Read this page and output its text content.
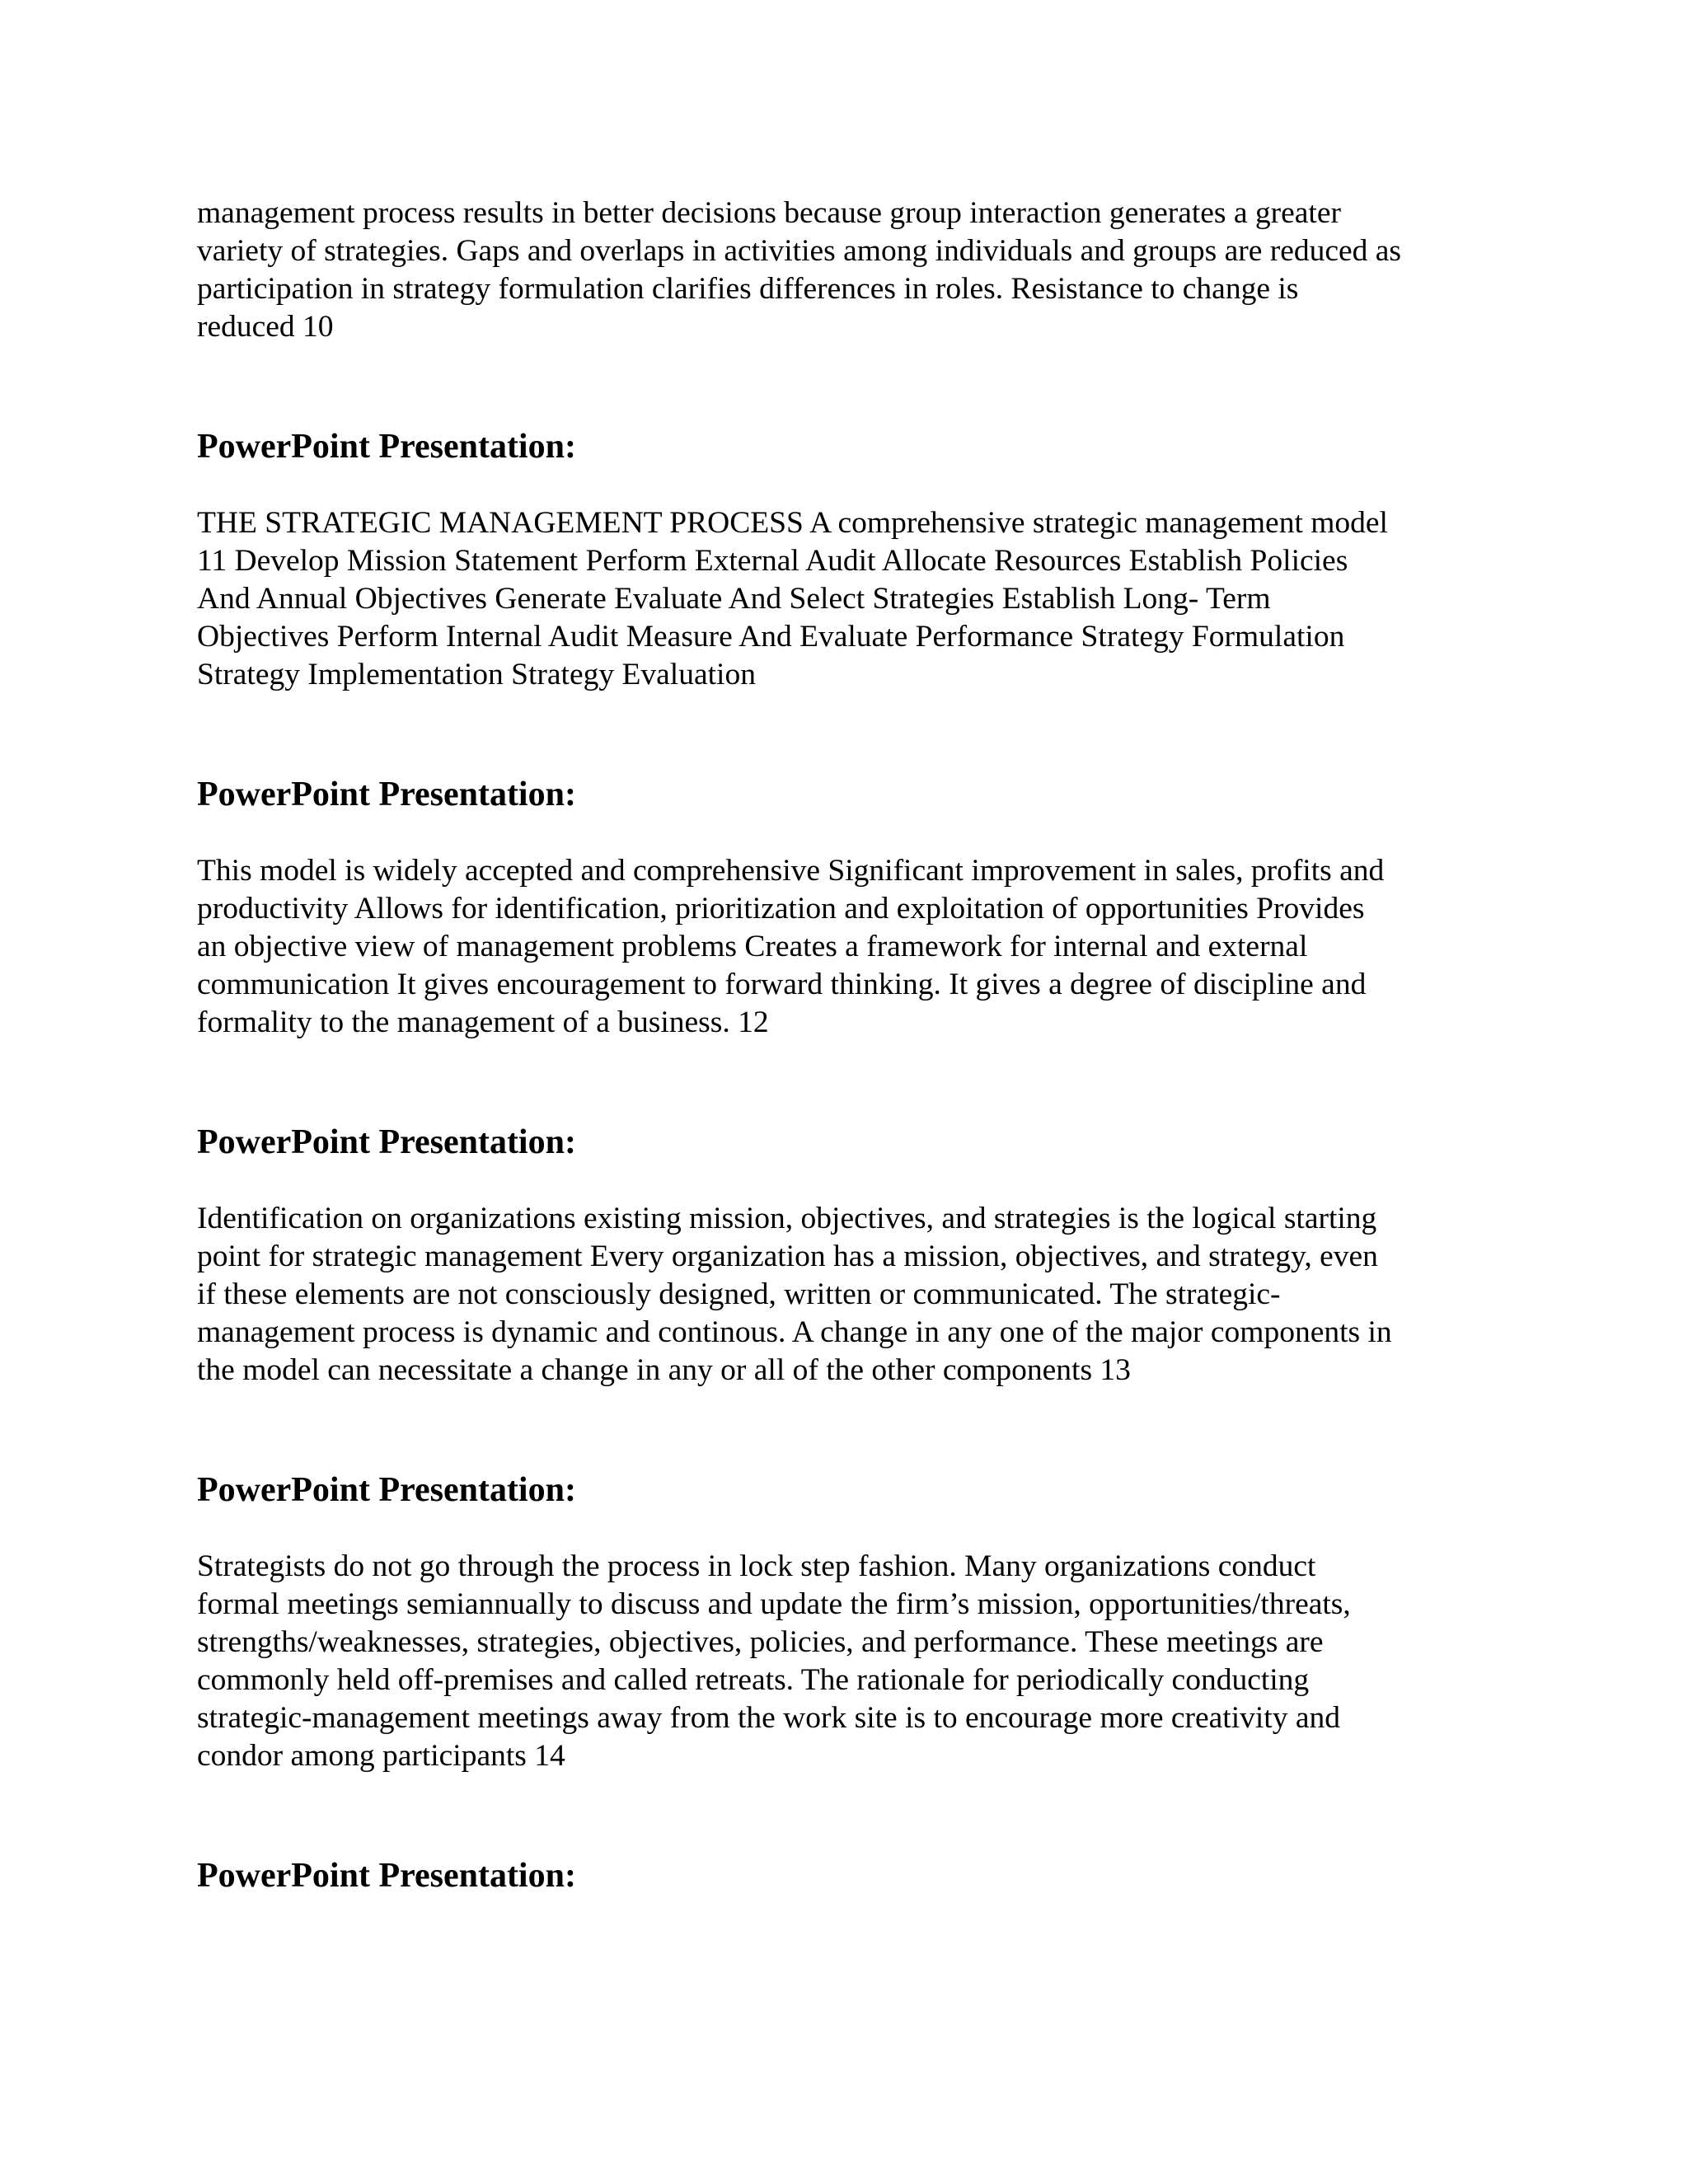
management process results in better decisions because group interaction generates a greater
variety of strategies. Gaps and overlaps in activities among individuals and groups are reduced as
participation in strategy formulation clarifies differences in roles. Resistance to change is
reduced 10
PowerPoint Presentation:
THE STRATEGIC MANAGEMENT PROCESS A comprehensive strategic management model
11 Develop Mission Statement Perform External Audit Allocate Resources Establish Policies
And Annual Objectives Generate Evaluate And Select Strategies Establish Long- Term
Objectives Perform Internal Audit Measure And Evaluate Performance Strategy Formulation
Strategy Implementation Strategy Evaluation
PowerPoint Presentation:
This model is widely accepted and comprehensive Significant improvement in sales, profits and
productivity Allows for identification, prioritization and exploitation of opportunities Provides
an objective view of management problems Creates a framework for internal and external
communication It gives encouragement to forward thinking. It gives a degree of discipline and
formality to the management of a business. 12
PowerPoint Presentation:
Identification on organizations existing mission, objectives, and strategies is the logical starting
point for strategic management Every organization has a mission, objectives, and strategy, even
if these elements are not consciously designed, written or communicated. The strategic-
management process is dynamic and continous. A change in any one of the major components in
the model can necessitate a change in any or all of the other components 13
PowerPoint Presentation:
Strategists do not go through the process in lock step fashion. Many organizations conduct
formal meetings semiannually to discuss and update the firm’s mission, opportunities/threats,
strengths/weaknesses, strategies, objectives, policies, and performance. These meetings are
commonly held off-premises and called retreats. The rationale for periodically conducting
strategic-management meetings away from the work site is to encourage more creativity and
condor among participants 14
PowerPoint Presentation:
